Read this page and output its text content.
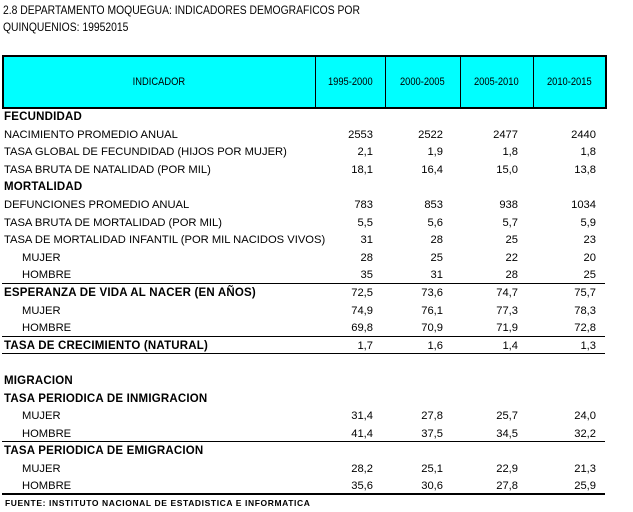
2.8 DEPARTAMENTO MOQUEGUA: INDICADORES DEMOGRAFICOS POR
QUINQUENIOS: 19952015
INDICADOR	1995-2000	2000-2005	2005-2010	2010-2015
FECUNDIDAD
NACIMIENTO PROMEDIO ANUAL	2553	2522	2477	2440
TASA GLOBAL DE FECUNDIDAD (HIJOS POR MUJER)	2,1	1,9	1,8	1,8
TASA BRUTA DE NATALIDAD (POR MIL)	18,1	16,4	15,0	13,8
MORTALIDAD
DEFUNCIONES PROMEDIO ANUAL	783	853	938	1034
TASA BRUTA DE MORTALIDAD (POR MIL)	5,5	5,6	5,7	5,9
TASA DE MORTALIDAD INFANTIL (POR MIL NACIDOS VIVOS)	31	28	25	23
MUJER	28	25	22	20
HOMBRE	35	31	28	25
ESPERANZA DE VIDA AL NACER (EN AÑOS)	72,5	73,6	74,7	75,7
MUJER	74,9	76,1	77,3	78,3
HOMBRE	69,8	70,9	71,9	72,8
TASA DE CRECIMIENTO (NATURAL)	1,7	1,6	1,4	1,3
MIGRACION
TASA PERIODICA DE INMIGRACION
MUJER	31,4	27,8	25,7	24,0
HOMBRE	41,4	37,5	34,5	32,2
TASA PERIODICA DE EMIGRACION
MUJER	28,2	25,1	22,9	21,3
HOMBRE	35,6	30,6	27,8	25,9
FUENTE: INSTITUTO NACIONAL DE ESTADISTICA E INFORMATICA
